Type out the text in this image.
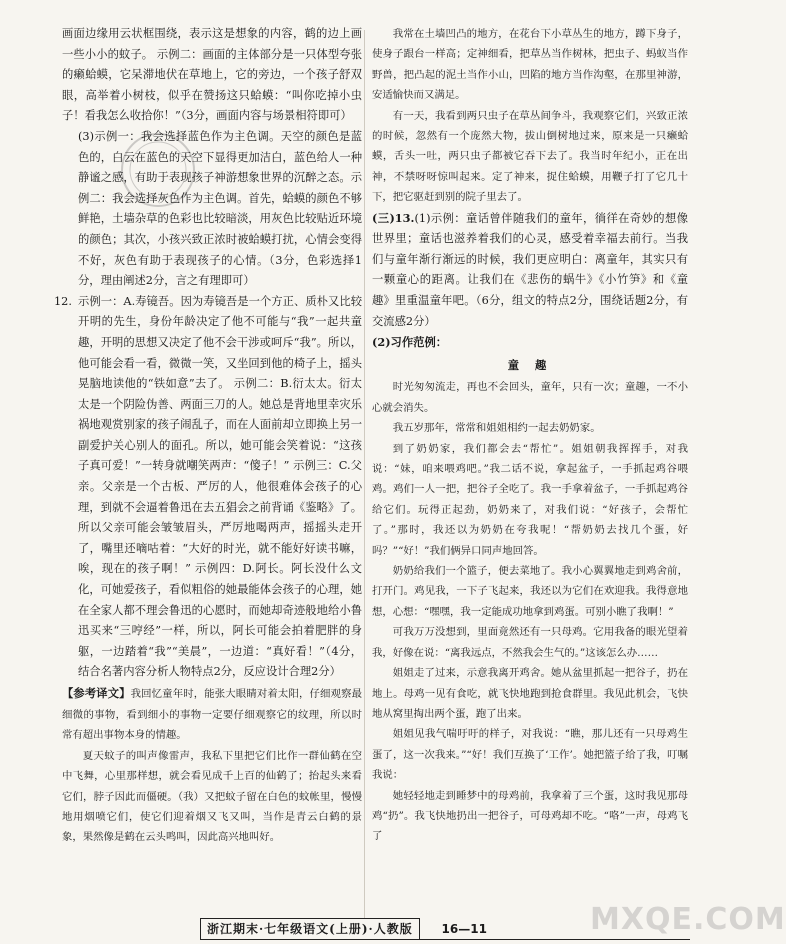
画面边缘用云状框围绕，表示这是想象的内容，鹤的边上画一些小小的蚊子。 示例二：画面的主体部分是一只体型夸张的癞蛤蟆，它呆滞地伏在草地上，它的旁边，一个孩子舒双眼，高举着小树枝，似乎在赞扬这只蛤蟆：“叫你吃掉小虫子！看我怎么收拾你！”（3分，画面内容与场景相符即可）

(3)示例一：我会选择蓝色作为主色调。天空的颜色是蓝色的，白云在蓝色的天空下显得更加洁白，蓝色给人一种静谧之感，有助于表现孩子神游想象世界的沉醉之态。示例二：我会选择灰色作为主色调。首先，蛤蟆的颜色不够鲜艳，土墙杂草的色彩也比较暗淡，用灰色比较贴近环境的颜色；其次，小孩兴致正浓时被蛤蟆打扰，心情会变得不好，灰色有助于表现孩子的心情。（3分，色彩选择1分，理由阐述2分，言之有理即可）

12. 示例一：A.寿镜吾。因为寿镜吾是一个方正、质朴又比较开明的先生，身份年龄决定了他不可能与“我”一起共童趣，开明的思想又决定了他不会干涉或呵斥“我”。所以，他可能会看一看，微微一笑，又坐回到他的椅子上，摇头晃脑地读他的“铁如意”去了。 示例二：B.衍太太。衍太太是一个阴险伪善、两面三刀的人。她总是背地里幸灾乐祸地观赏别家的孩子闹乱子，而在人面前却立即换上另一副爱护关心别人的面孔。所以，她可能会笑着说：“这孩子真可爱！”一转身就嘲笑两声：“傻子！” 示例三：C.父亲。父亲是一个古板、严厉的人，他很难体会孩子的心理，到就不会逼着鲁迅在去五猖会之前背诵《鉴略》了。所以父亲可能会皱皱眉头，严厉地喝两声，摇摇头走开了，嘴里还嘀咕着：“大好的时光，就不能好好读书嘛，唉，现在的孩子啊！” 示例四：D.阿长。阿长没什么文化，可她爱孩子，看似粗俗的她最能体会孩子的心理，她在全家人都不理会鲁迅的心愿时，而她却奇迹般地给小鲁迅买来“三哼经”一样，所以，阿长可能会拍着肥胖的身躯，一边踏着“我”“美晨”，一边道：“真好看！”（4分，结合名著内容分析人物特点2分，反应设计合理2分）

【参考译文】我回忆童年时，能张大眼睛对着太阳，仔细观察最细微的事物，看到细小的事物一定要仔细观察它的纹理，所以时常有超出事物本身的情趣。

夏天蚊子的叫声像雷声，我私下里把它们比作一群仙鹤在空中飞舞，心里那样想，就会看见成千上百的仙鹤了；抬起头来看它们，脖子因此而僵硬。（我）又把蚊子留在白色的蚊帐里，慢慢地用烟喷它们，使它们迎着烟又飞又叫，当作是青云白鹤的景象，果然像是鹤在云头鸣叫，因此高兴地叫好。

我常在土墙凹凸的地方，在花台下小草丛生的地方，蹲下身子，使身子跟台一样高；定神细看，把草丛当作树林，把虫子、蚂蚁当作野兽，把凸起的泥土当作小山，凹陷的地方当作沟壑，在那里神游，安适愉快而又满足。

有一天，我看到两只虫子在草丛间争斗，我观察它们，兴致正浓的时候，忽然有一个庞然大物，拔山倒树地过来，原来是一只癞蛤蟆，舌头一吐，两只虫子都被它吞下去了。我当时年纪小，正在出神，不禁呀呀惊叫起来。定了神来，捉住蛤蟆，用鞭子打了它几十下，把它驱赶到别的院子里去了。

(三)13.(1)示例：童话曾伴随我们的童年，徜徉在奇妙的想像世界里；童话也滋养着我们的心灵，感受着幸福去前行。当我们与童年渐行渐远的时候，我们更应明白：离童年，其实只有一颗童心的距离。让我们在《悲伤的蜗牛》《小竹笋》和《童趣》里重温童年吧。（6分，组文的特点2分，围绕话题2分，有交流感2分）

(2)习作范例：

童 趣

时光匆匆流走，再也不会回头，童年，只有一次；童趣，一不小心就会消失。

我五岁那年，常常和姐姐相约一起去奶奶家。

到了奶奶家，我们都会去“帮忙”。姐姐朝我挥挥手，对我说：“妹，咱来喂鸡吧。”我二话不说，拿起盆子，一手抓起鸡谷喂鸡。鸡们一人一把，把谷子全吃了。我一手拿着盆子，一手抓起鸡谷给它们。玩得正起劲，奶奶来了，对我们说：“好孩子，会帮忙了。”那时，我还以为奶奶在夸我呢！“帮奶奶去找几个蛋，好吗？”“好！”我们俩异口同声地回答。

奶奶给我们一个篮子，便去菜地了。我小心翼翼地走到鸡舍前，打开门。鸡见我，一下子飞起来，我还以为它们在欢迎我。我得意地想，心想：“嘿嘿，我一定能成功地拿到鸡蛋。可别小瞧了我啊！”

可我万万没想到，里面竟然还有一只母鸡。它用我备的眼光望着我，好像在说：“离我远点，不然我会生气的。”这该怎么办……

姐姐走了过来，示意我离开鸡舍。她从盆里抓起一把谷子，扔在地上。母鸡一见有食吃，就飞快地跑到抢食群里。我见此机会，飞快地从窝里掏出两个蛋，跑了出来。

姐姐见我气喘吁吁的样子，对我说：“瞧，那儿还有一只母鸡生蛋了，这一次我来。”“好！我们互换了‘工作’。她把篮子给了我，叮嘱我说：

她轻轻地走到睡梦中的母鸡前，我拿着了三个蛋，这时我见那母鸡“扔”。我飞快地扔出一把谷子，可母鸡却不吃。“咯”一声，母鸡飞了

浙江期末·七年级语文(上册)·人教版 16—11	MXQE.COM
